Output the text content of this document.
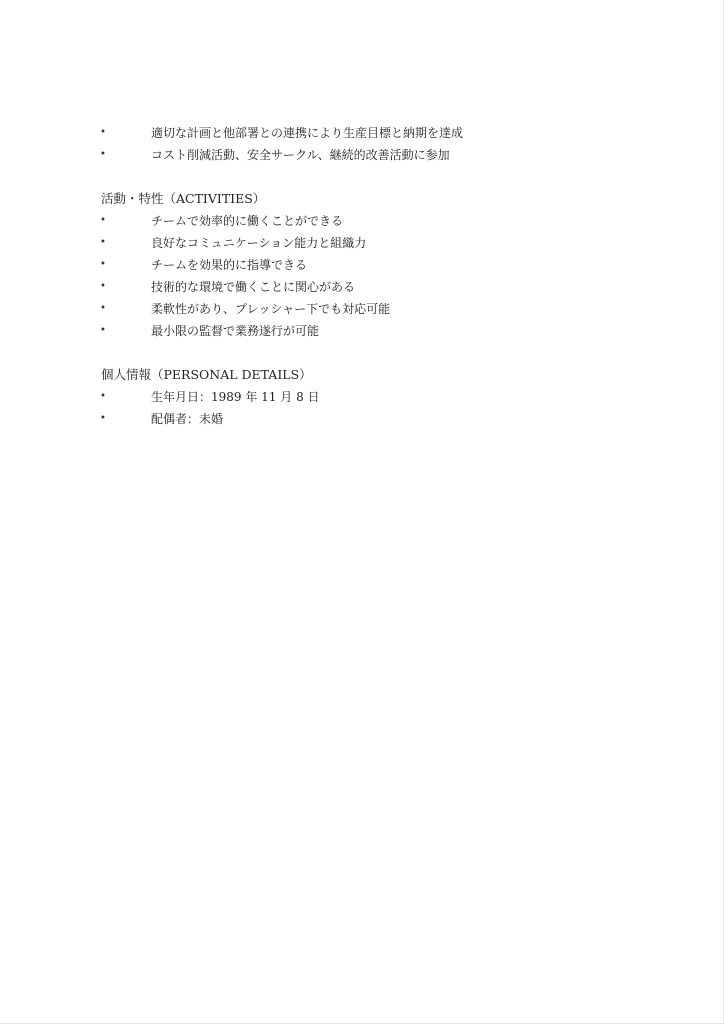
•	適切な計画と他部署との連携により生産目標と納期を達成
•	コスト削減活動、安全サークル、継続的改善活動に参加
活動・特性（ACTIVITIES）
•	チームで効率的に働くことができる
•	良好なコミュニケーション能力と組織力
•	チームを効果的に指導できる
•	技術的な環境で働くことに関心がある
•	柔軟性があり、プレッシャー下でも対応可能
•	最小限の監督で業務遂行が可能
個人情報（PERSONAL DETAILS）
•	生年月日：1989 年 11 月 8 日
•	配偶者：未婚
